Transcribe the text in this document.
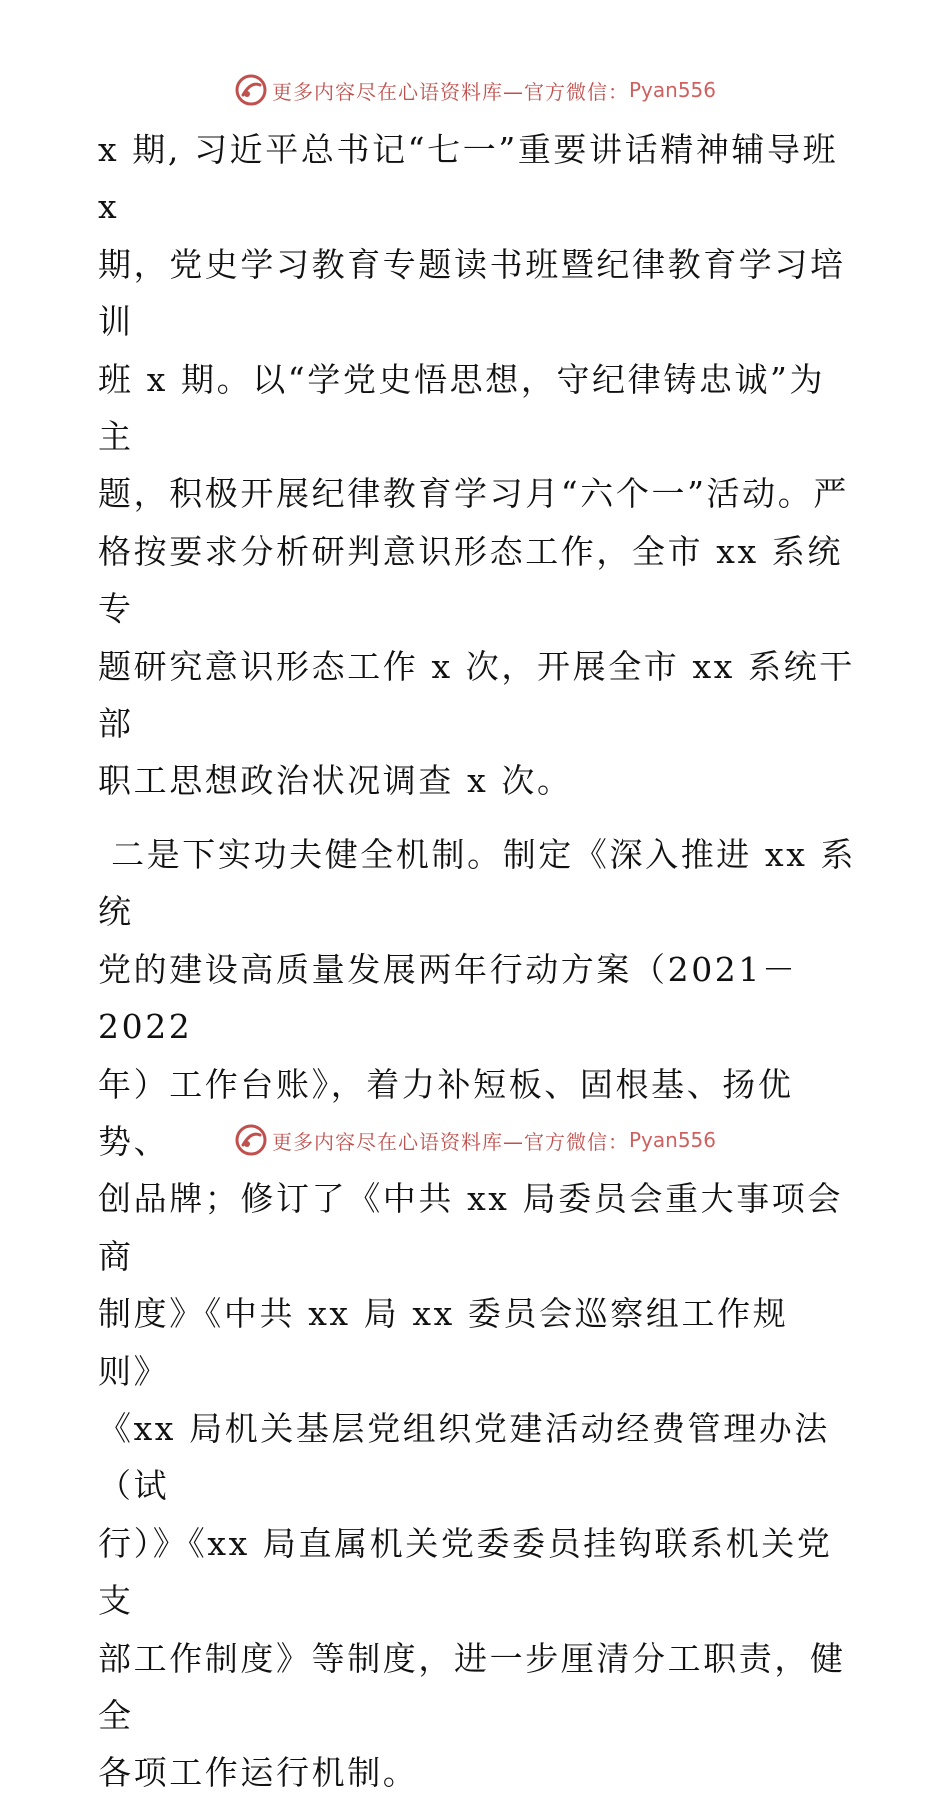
更多内容尽在心语资料库—官方微信： Pyan556

x 期, 习近平总书记“七一”重要讲话精神辅导班 x
期，党史学习教育专题读书班暨纪律教育学习培训
班 x 期。以“学党史悟思想，守纪律铸忠诚”为主
题，积极开展纪律教育学习月“六个一”活动。严
格按要求分析研判意识形态工作，全市 xx 系统专
题研究意识形态工作 x 次，开展全市 xx 系统干部
职工思想政治状况调查 x 次。

二是下实功夫健全机制。制定《深入推进 xx 系统
党的建设高质量发展两年行动方案（2021－2022
年）工作台账》，着力补短板、固根基、扬优势、
创品牌；修订了《中共 xx 局委员会重大事项会商
制度》《中共 xx 局 xx 委员会巡察组工作规则》
《xx 局机关基层党组织党建活动经费管理办法（试
行）》《xx 局直属机关党委委员挂钩联系机关党支
部工作制度》等制度，进一步厘清分工职责，健全
各项工作运行机制。

更多内容尽在心语资料库—官方微信： Pyan556
